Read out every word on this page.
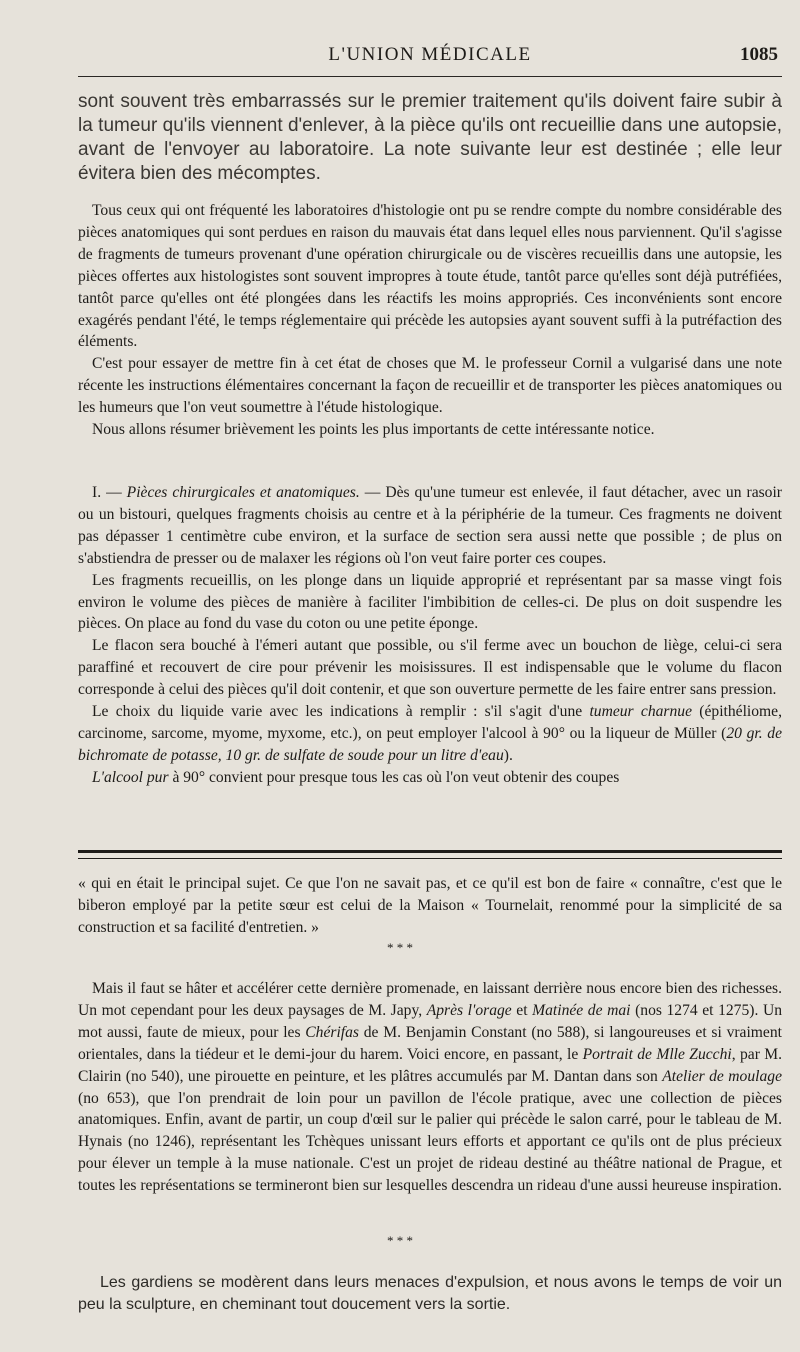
L'UNION MÉDICALE	1085
sont souvent très embarrassés sur le premier traitement qu'ils doivent faire subir à la tumeur qu'ils viennent d'enlever, à la pièce qu'ils ont recueillie dans une autopsie, avant de l'envoyer au laboratoire. La note suivante leur est destinée ; elle leur évitera bien des mécomptes.

Tous ceux qui ont fréquenté les laboratoires d'histologie ont pu se rendre compte du nombre considérable des pièces anatomiques qui sont perdues en raison du mauvais état dans lequel elles nous parviennent. Qu'il s'agisse de fragments de tumeurs provenant d'une opération chirurgicale ou de viscères recueillis dans une autopsie, les pièces offertes aux histologistes sont souvent impropres à toute étude, tantôt parce qu'elles sont déjà putréfiées, tantôt parce qu'elles ont été plongées dans les réactifs les moins appropriés. Ces inconvénients sont encore exagérés pendant l'été, le temps réglementaire qui précède les autopsies ayant souvent suffi à la putréfaction des éléments.

C'est pour essayer de mettre fin à cet état de choses que M. le professeur Cornil a vulgarisé dans une note récente les instructions élémentaires concernant la façon de recueillir et de transporter les pièces anatomiques ou les humeurs que l'on veut soumettre à l'étude histologique.

Nous allons résumer brièvement les points les plus importants de cette intéressante notice.

I. — Pièces chirurgicales et anatomiques. — Dès qu'une tumeur est enlevée, il faut détacher, avec un rasoir ou un bistouri, quelques fragments choisis au centre et à la périphérie de la tumeur. Ces fragments ne doivent pas dépasser 1 centimètre cube environ, et la surface de section sera aussi nette que possible ; de plus on s'abstiendra de presser ou de malaxer les régions où l'on veut faire porter ces coupes.

Les fragments recueillis, on les plonge dans un liquide approprié et représentant par sa masse vingt fois environ le volume des pièces de manière à faciliter l'imbibition de celles-ci. De plus on doit suspendre les pièces. On place au fond du vase du coton ou une petite éponge.

Le flacon sera bouché à l'émeri autant que possible, ou s'il ferme avec un bouchon de liège, celui-ci sera paraffiné et recouvert de cire pour prévenir les moisissures. Il est indispensable que le volume du flacon corresponde à celui des pièces qu'il doit contenir, et que son ouverture permette de les faire entrer sans pression.

Le choix du liquide varie avec les indications à remplir : s'il s'agit d'une tumeur charnue (épithéliome, carcinome, sarcome, myome, myxome, etc.), on peut employer l'alcool à 90° ou la liqueur de Müller (20 gr. de bichromate de potasse, 10 gr. de sulfate de soude pour un litre d'eau).

L'alcool pur à 90° convient pour presque tous les cas où l'on veut obtenir des coupes

« qui en était le principal sujet. Ce que l'on ne savait pas, et ce qu'il est bon de faire « connaître, c'est que le biberon employé par la petite sœur est celui de la Maison « Tournelait, renommé pour la simplicité de sa construction et sa facilité d'entretien. »

* * *

Mais il faut se hâter et accélérer cette dernière promenade, en laissant derrière nous encore bien des richesses. Un mot cependant pour les deux paysages de M. Japy, Après l'orage et Matinée de mai (nos 1274 et 1275). Un mot aussi, faute de mieux, pour les Chérifas de M. Benjamin Constant (no 588), si langoureuses et si vraiment orientales, dans la tiédeur et le demi-jour du harem. Voici encore, en passant, le Portrait de Mlle Zucchi, par M. Clairin (no 540), une pirouette en peinture, et les plâtres accumulés par M. Dantan dans son Atelier de moulage (no 653), que l'on prendrait de loin pour un pavillon de l'école pratique, avec une collection de pièces anatomiques. Enfin, avant de partir, un coup d'œil sur le palier qui précède le salon carré, pour le tableau de M. Hynais (no 1246), représentant les Tchèques unissant leurs efforts et apportant ce qu'ils ont de plus précieux pour élever un temple à la muse nationale. C'est un projet de rideau destiné au théâtre national de Prague, et toutes les représentations se termineront bien sur lesquelles descendra un rideau d'une aussi heureuse inspiration.

* * *

Les gardiens se modèrent dans leurs menaces d'expulsion, et nous avons le temps de voir un peu la sculpture, en cheminant tout doucement vers la sortie.
